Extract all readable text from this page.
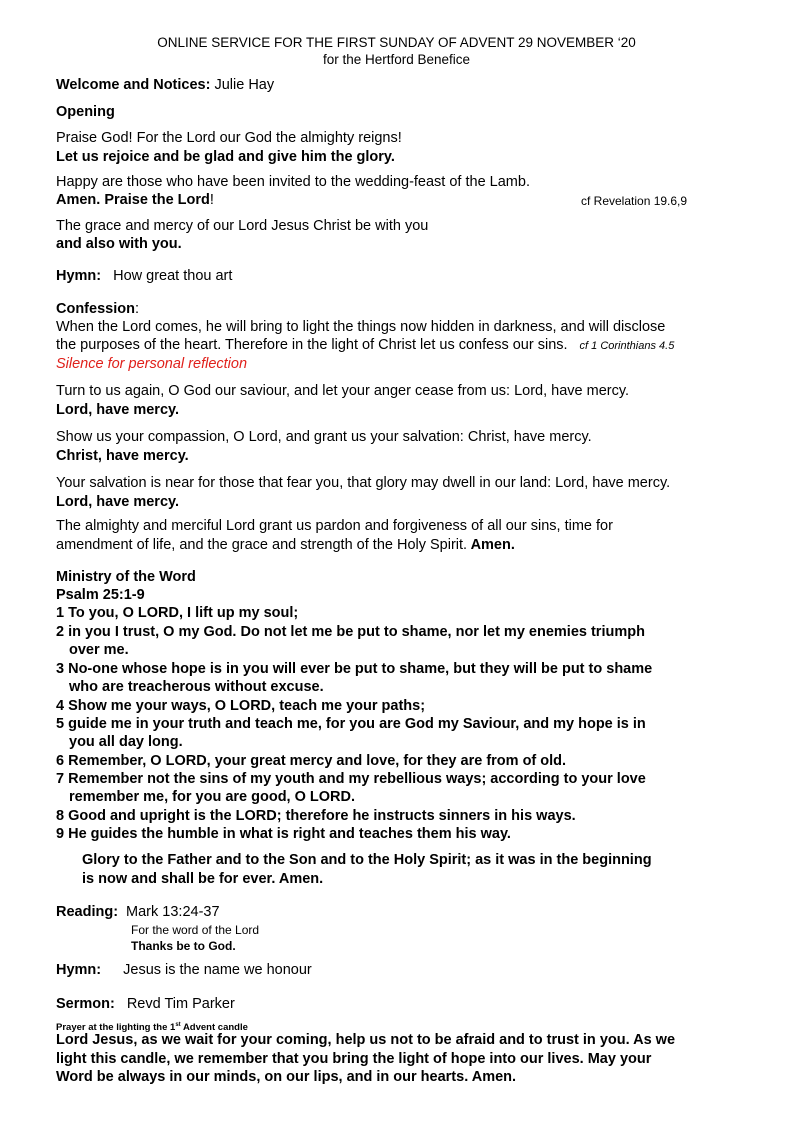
ONLINE SERVICE FOR THE FIRST SUNDAY OF ADVENT 29 NOVEMBER ‘20
for the Hertford Benefice
Welcome and Notices: Julie Hay
Opening
Praise God! For the Lord our God the almighty reigns!
Let us rejoice and be glad and give him the glory.
Happy are those who have been invited to the wedding-feast of the Lamb.
Amen. Praise the Lord!	cf Revelation 19.6,9
The grace and mercy of our Lord Jesus Christ be with you
and also with you.
Hymn: How great thou art
Confession:
When the Lord comes, he will bring to light the things now hidden in darkness, and will disclose
the purposes of the heart. Therefore in the light of Christ let us confess our sins. cf 1 Corinthians 4.5
Silence for personal reflection
Turn to us again, O God our saviour, and let your anger cease from us: Lord, have mercy.
Lord, have mercy.
Show us your compassion, O Lord, and grant us your salvation: Christ, have mercy.
Christ, have mercy.
Your salvation is near for those that fear you, that glory may dwell in our land: Lord, have mercy.
Lord, have mercy.
The almighty and merciful Lord grant us pardon and forgiveness of all our sins, time for
amendment of life, and the grace and strength of the Holy Spirit. Amen.
Ministry of the Word
Psalm 25:1-9
1 To you, O LORD, I lift up my soul;
2 in you I trust, O my God. Do not let me be put to shame, nor let my enemies triumph
over me.
3 No-one whose hope is in you will ever be put to shame, but they will be put to shame
who are treacherous without excuse.
4 Show me your ways, O LORD, teach me your paths;
5 guide me in your truth and teach me, for you are God my Saviour, and my hope is in
you all day long.
6 Remember, O LORD, your great mercy and love, for they are from of old.
7 Remember not the sins of my youth and my rebellious ways; according to your love
remember me, for you are good, O LORD.
8 Good and upright is the LORD; therefore he instructs sinners in his ways.
9 He guides the humble in what is right and teaches them his way.
Glory to the Father and to the Son and to the Holy Spirit; as it was in the beginning
is now and shall be for ever. Amen.
Reading: Mark 13:24-37
For the word of the Lord
Thanks be to God.
Hymn: Jesus is the name we honour
Sermon: Revd Tim Parker
Prayer at the lighting the 1st Advent candle
Lord Jesus, as we wait for your coming, help us not to be afraid and to trust in you. As we
light this candle, we remember that you bring the light of hope into our lives. May your
Word be always in our minds, on our lips, and in our hearts. Amen.
